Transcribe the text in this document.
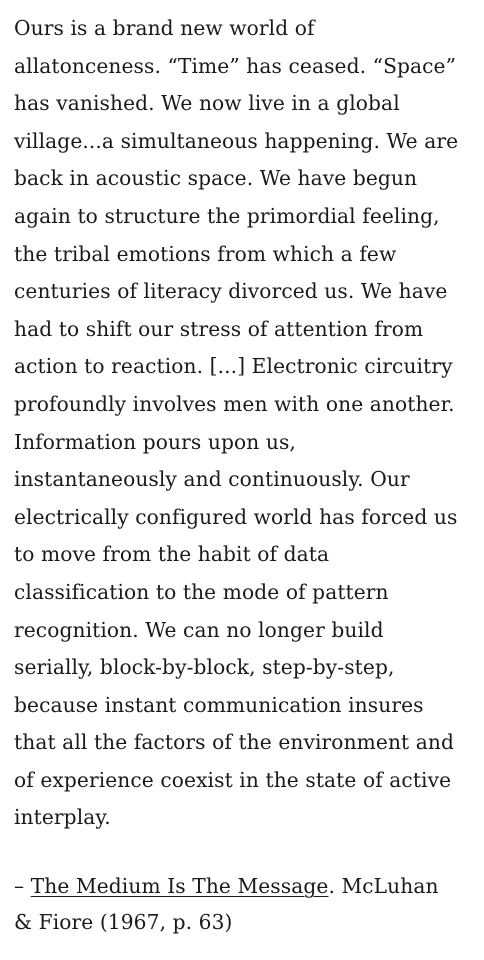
Ours is a brand new world of
allatonceness. “Time” has ceased. “Space”
has vanished. We now live in a global
village...a simultaneous happening. We are
back in acoustic space. We have begun
again to structure the primordial feeling,
the tribal emotions from which a few
centuries of literacy divorced us. We have
had to shift our stress of attention from
action to reaction. [...] Electronic circuitry
profoundly involves men with one another.
Information pours upon us,
instantaneously and continuously. Our
electrically configured world has forced us
to move from the habit of data
classification to the mode of pattern
recognition. We can no longer build
serially, block-by-block, step-by-step,
because instant communication insures
that all the factors of the environment and
of experience coexist in the state of active
interplay.
– The Medium Is The Message. McLuhan
& Fiore (1967, p. 63)
